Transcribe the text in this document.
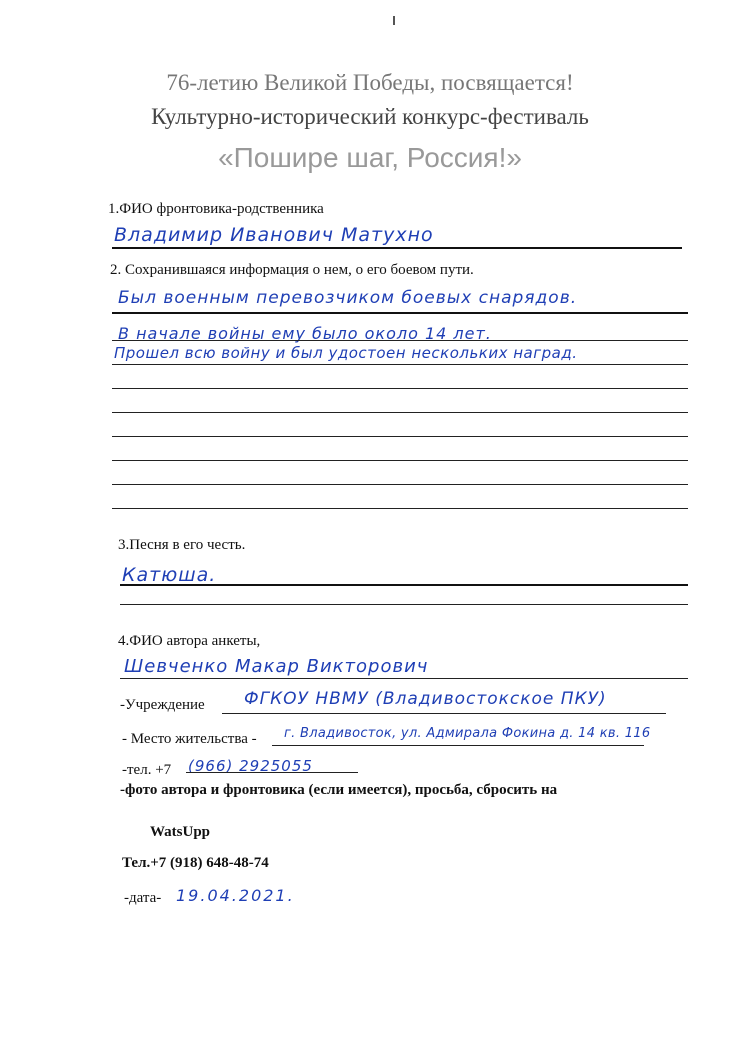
76-летию Великой Победы, посвящается!
Культурно-исторический конкурс-фестиваль
«Пошире шаг, Россия!»
1.ФИО фронтовика-родственника
Владимир Иванович Матухно
2. Сохранившаяся информация о нем, о его боевом пути.
Был военным перевозчиком боевых снарядов.
В начале войны ему было около 14 лет.
Прошел всю войну и был удостоен нескольких наград.
3.Песня в его честь.
Катюша.
4.ФИО автора анкеты,
Шевченко Макар Викторович
-Учреждение ФГКОУ НВМУ (Владивостокское ПКУ)
- Место жительства - г. Владивосток, ул. Адмирала Фокина д. 14 кв. 116
-тел. +7 (966) 2925055
-фото автора и фронтовика (если имеется), просьба, сбросить на
WatsUpp
Тел.+7 (918) 648-48-74
-дата- 19.04.2021.
